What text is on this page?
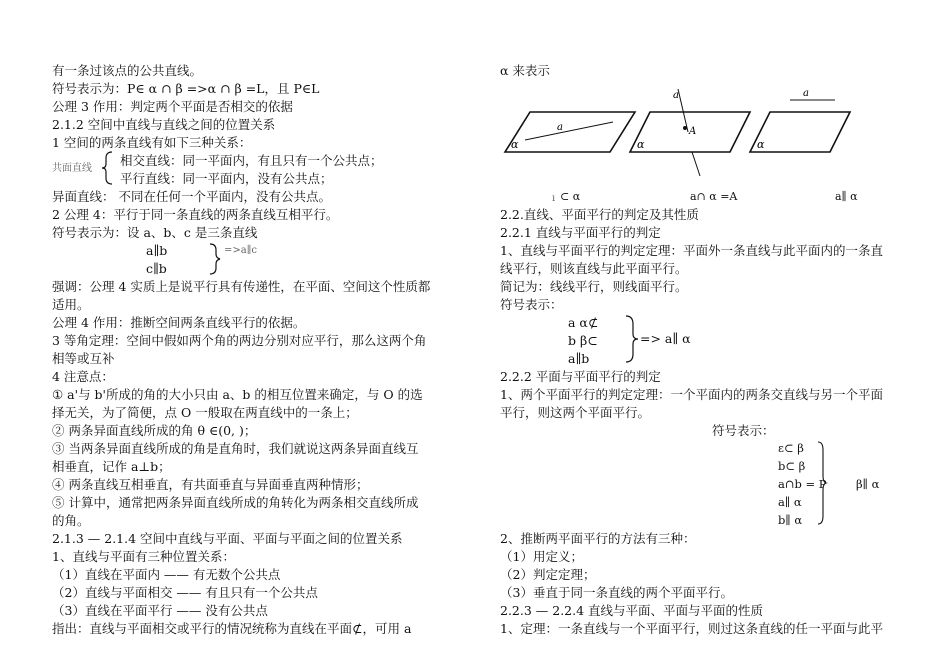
有一条过该点的公共直线。
符号表示为：P∈ α ∩ β =>α ∩ β =L，且 P∈L
公理 3 作用：判定两个平面是否相交的依据
2.1.2 空间中直线与直线之间的位置关系
1 空间的两条直线有如下三种关系：
共面直线
相交直线：同一平面内，有且只有一个公共点；
平行直线：同一平面内，没有公共点；
异面直线： 不同在任何一个平面内，没有公共点。
2 公理 4：平行于同一条直线的两条直线互相平行。
符号表示为：设 a、b、c 是三条直线
a∥b
c∥b
=>a∥c
强调：公理 4 实质上是说平行具有传递性，在平面、空间这个性质都
适用。
公理 4 作用：推断空间两条直线平行的依据。
3 等角定理：空间中假如两个角的两边分别对应平行，那么这两个角
相等或互补
4 注意点：
① a'与 b'所成的角的大小只由 a、b 的相互位置来确定，与 O 的选
择无关，为了简便，点 O 一般取在两直线中的一条上；
② 两条异面直线所成的角 θ ∈(0, )；
③ 当两条异面直线所成的角是直角时，我们就说这两条异面直线互
相垂直，记作 a⊥b；
④ 两条直线互相垂直，有共面垂直与异面垂直两种情形；
⑤ 计算中，通常把两条异面直线所成的角转化为两条相交直线所成
的角。
2.1.3 — 2.1.4 空间中直线与平面、平面与平面之间的位置关系
1、直线与平面有三种位置关系：
（1）直线在平面内 —— 有无数个公共点
（2）直线与平面相交 —— 有且只有一个公共点
（3）直线在平面平行 —— 没有公共点
指出：直线与平面相交或平行的情况统称为直线在平面⊄，可用 a
α 来表示
a
α
a
A
α
a
α
ı ⊂ α	a∩ α =A	a∥ α
2.2.直线、平面平行的判定及其性质
2.2.1 直线与平面平行的判定
1、直线与平面平行的判定定理：平面外一条直线与此平面内的一条直
线平行，则该直线与此平面平行。
简记为：线线平行，则线面平行。
符号表示：
a α⊄
b β⊂
a∥b
=> a∥ α
2.2.2 平面与平面平行的判定
1、两个平面平行的判定定理：一个平面内的两条交直线与另一个平面
平行，则这两个平面平行。
符号表示：
ε⊂ β
b⊂ β
a∩b = P
a∥ α
b∥ α
β∥ α
2、推断两平面平行的方法有三种：
（1）用定义；
（2）判定定理；
（3）垂直于同一条直线的两个平面平行。
2.2.3 — 2.2.4 直线与平面、平面与平面的性质
1、定理：一条直线与一个平面平行，则过这条直线的任一平面与此平
